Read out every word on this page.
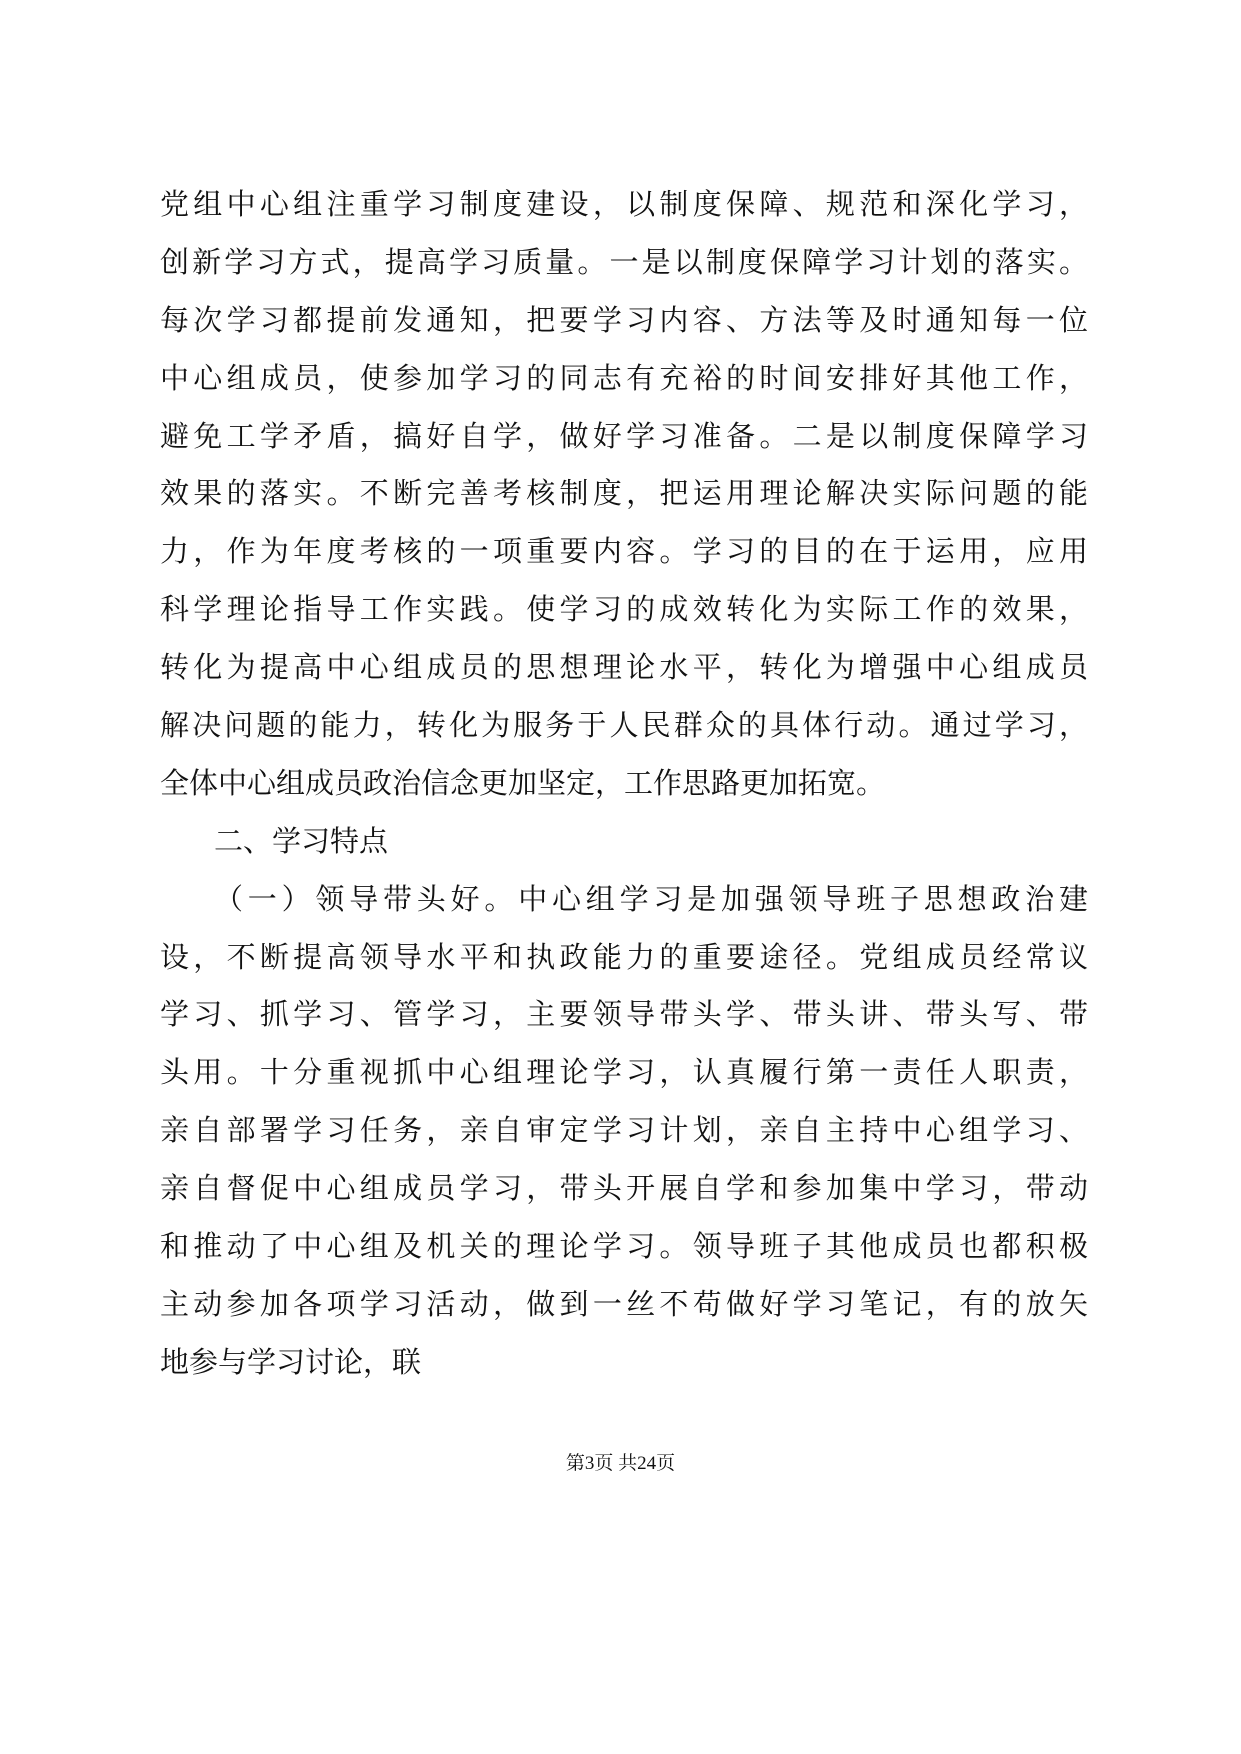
党组中心组注重学习制度建设，以制度保障、规范和深化学习，
创新学习方式，提高学习质量。一是以制度保障学习计划的落实。
每次学习都提前发通知，把要学习内容、方法等及时通知每一位
中心组成员，使参加学习的同志有充裕的时间安排好其他工作，
避免工学矛盾，搞好自学，做好学习准备。二是以制度保障学习
效果的落实。不断完善考核制度，把运用理论解决实际问题的能
力，作为年度考核的一项重要内容。学习的目的在于运用，应用
科学理论指导工作实践。使学习的成效转化为实际工作的效果，
转化为提高中心组成员的思想理论水平，转化为增强中心组成员
解决问题的能力，转化为服务于人民群众的具体行动。通过学习，
全体中心组成员政治信念更加坚定，工作思路更加拓宽。
二、学习特点
（一）领导带头好。中心组学习是加强领导班子思想政治建
设，不断提高领导水平和执政能力的重要途径。党组成员经常议
学习、抓学习、管学习，主要领导带头学、带头讲、带头写、带
头用。十分重视抓中心组理论学习，认真履行第一责任人职责，
亲自部署学习任务，亲自审定学习计划，亲自主持中心组学习、
亲自督促中心组成员学习，带头开展自学和参加集中学习，带动
和推动了中心组及机关的理论学习。领导班子其他成员也都积极
主动参加各项学习活动，做到一丝不苟做好学习笔记，有的放矢
地参与学习讨论，联
第3页 共24页
